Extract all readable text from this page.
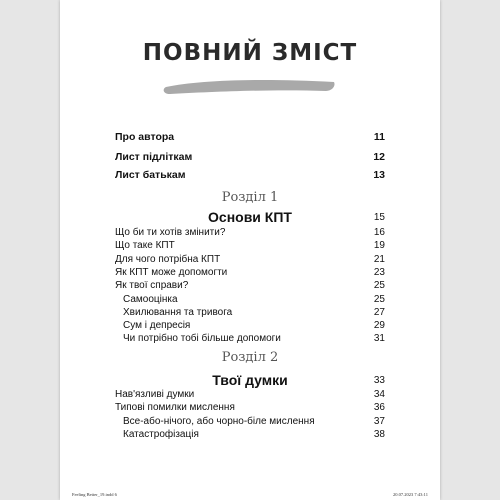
ПОВНИЙ ЗМІСТ
Про автора	11
Лист підліткам	12
Лист батькам	13
Розділ 1
Основи КПТ	15
Що би ти хотів змінити?	16
Що таке КПТ	19
Для чого потрібна КПТ	21
Як КПТ може допомогти	23
Як твої справи?	25
Самооцінка	25
Хвилювання та тривога	27
Сум і депресія	29
Чи потрібно тобі більше допомоги	31
Розділ 2
Твої думки	33
Нав'язливі думки	34
Типові помилки мислення	36
Все-або-нічого, або чорно-біле мислення	37
Катастрофізація	38
Feeling Better_19.indd 6	20.07.2023 7:43:11
